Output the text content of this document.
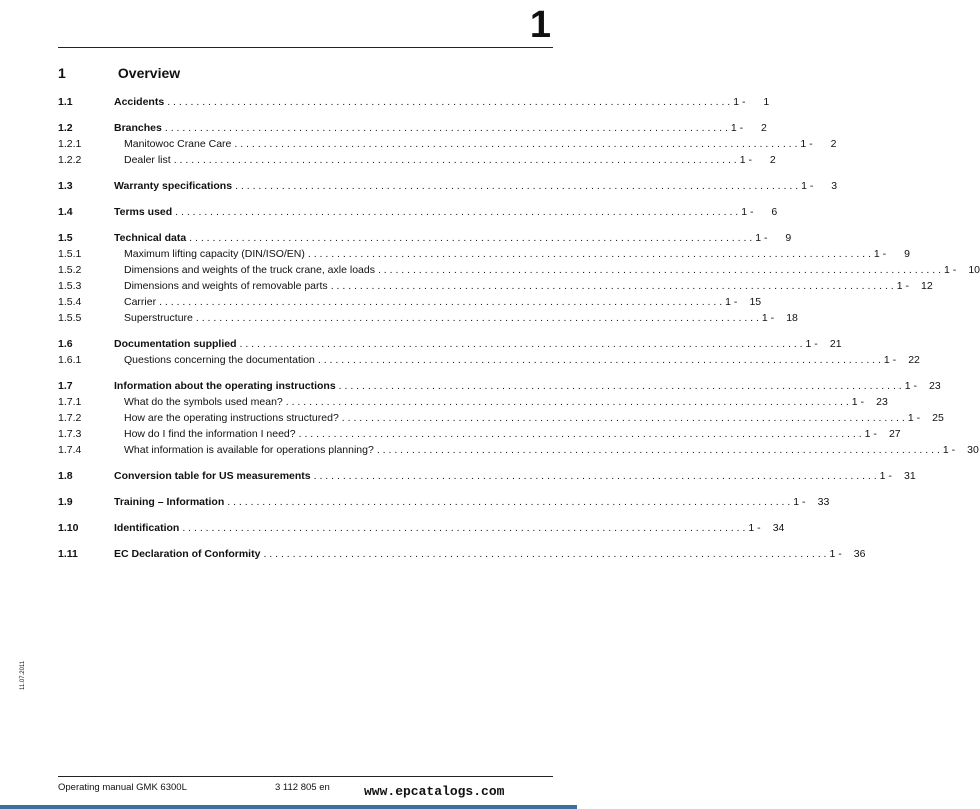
1
1	Overview
1.1	Accidents . . .	1 -	1
1.2	Branches . . .	1 -	2
1.2.1	Manitowoc Crane Care . . .	1 -	2
1.2.2	Dealer list . . .	1 -	2
1.3	Warranty specifications . . .	1 -	3
1.4	Terms used . . .	1 -	6
1.5	Technical data . . .	1 -	9
1.5.1	Maximum lifting capacity (DIN/ISO/EN) . . .	1 -	9
1.5.2	Dimensions and weights of the truck crane, axle loads . . .	1 -	10
1.5.3	Dimensions and weights of removable parts . . .	1 -	12
1.5.4	Carrier . . .	1 -	15
1.5.5	Superstructure . . .	1 -	18
1.6	Documentation supplied . . .	1 -	21
1.6.1	Questions concerning the documentation . . .	1 -	22
1.7	Information about the operating instructions . . .	1 -	23
1.7.1	What do the symbols used mean? . . .	1 -	23
1.7.2	How are the operating instructions structured? . . .	1 -	25
1.7.3	How do I find the information I need? . . .	1 -	27
1.7.4	What information is available for operations planning? . . .	1 -	30
1.8	Conversion table for US measurements . . .	1 -	31
1.9	Training – Information . . .	1 -	33
1.10	Identification . . .	1 -	34
1.11	EC Declaration of Conformity . . .	1 -	36
11.07.2011
Operating manual GMK 6300L	3 112 805 en	www.epcatalogs.com
